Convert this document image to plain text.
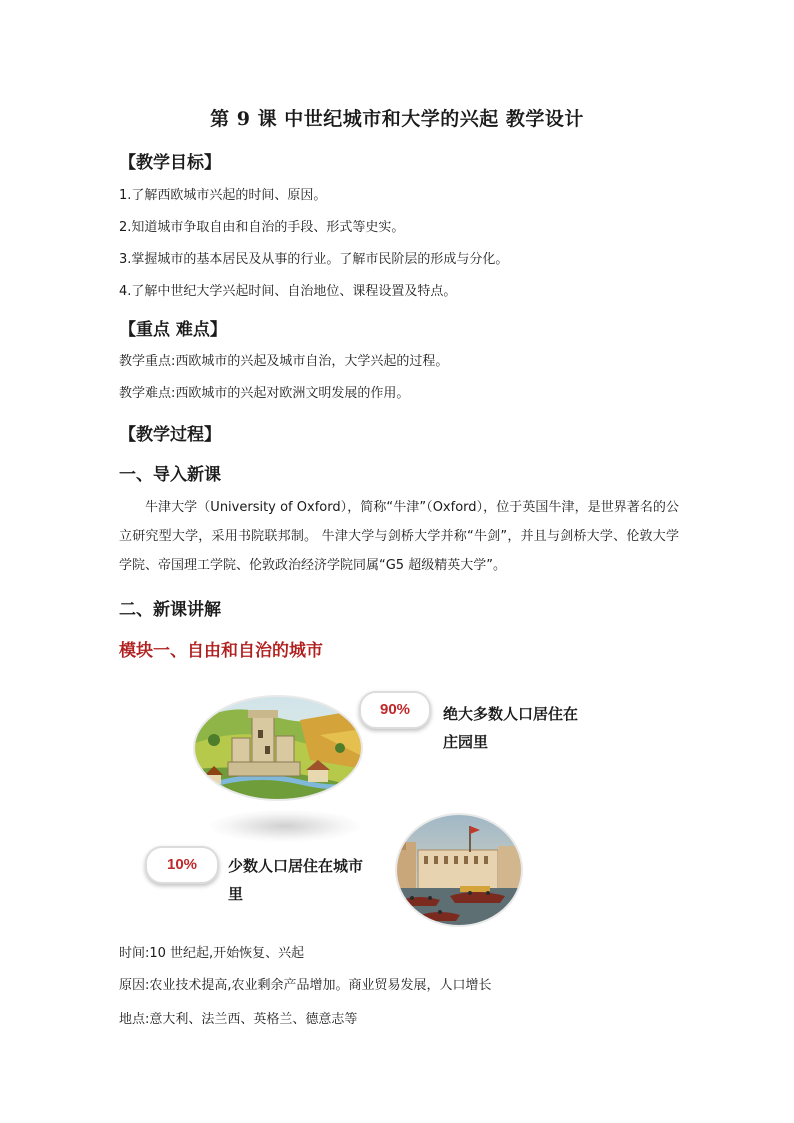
第 9 课 中世纪城市和大学的兴起 教学设计
【教学目标】
1.了解西欧城市兴起的时间、原因。
2.知道城市争取自由和自治的手段、形式等史实。
3.掌握城市的基本居民及从事的行业。了解市民阶层的形成与分化。
4.了解中世纪大学兴起时间、自治地位、课程设置及特点。
【重点 难点】
教学重点:西欧城市的兴起及城市自治，大学兴起的过程。
教学难点:西欧城市的兴起对欧洲文明发展的作用。
【教学过程】
一、导入新课
牛津大学（University of Oxford），简称“牛津”（Oxford），位于英国牛津，是世界著名的公立研究型大学，采用书院联邦制。 牛津大学与剑桥大学并称“牛剑”，并且与剑桥大学、伦敦大学学院、帝国理工学院、伦敦政治经济学院同属“G5 超级精英大学”。
二、新课讲解
模块一、自由和自治的城市
90%	绝大多数人口居住在
庄园里
10%	少数人口居住在城市
里
时间:10 世纪起,开始恢复、兴起
原因:农业技术提高,农业剩余产品增加。商业贸易发展，人口增长
地点:意大利、法兰西、英格兰、德意志等
